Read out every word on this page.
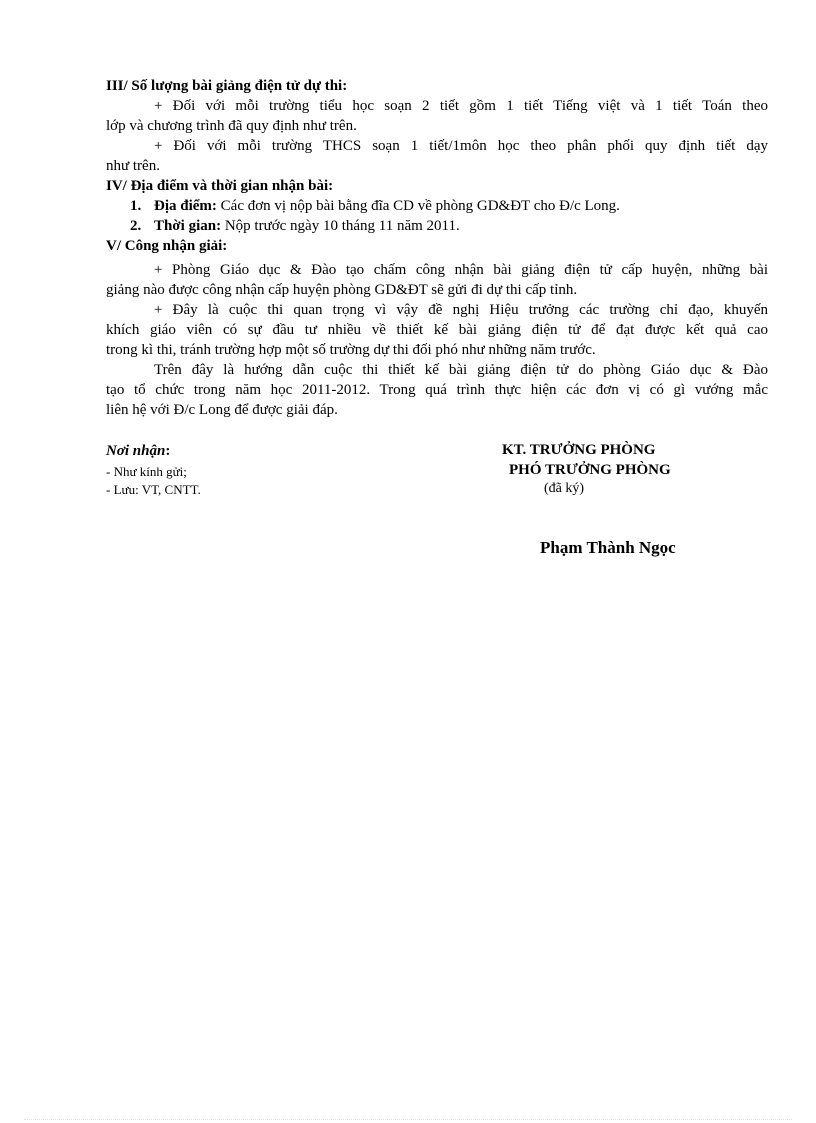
III/ Số lượng bài giảng điện tử dự thi:
+ Đối với mỗi trường tiểu học soạn 2 tiết gồm 1 tiết Tiếng việt và 1 tiết Toán theo
lớp và chương trình đã quy định như trên.
+ Đối với mỗi trường THCS soạn 1 tiết/1môn học theo phân phối quy định tiết dạy
như trên.
IV/ Địa điểm và thời gian nhận bài:
1. Địa điểm: Các đơn vị nộp bài bằng đĩa CD về phòng GD&ĐT cho Đ/c Long.
2. Thời gian: Nộp trước ngày 10 tháng 11 năm 2011.
V/ Công nhận giải:
+ Phòng Giáo dục & Đào tạo chấm công nhận bài giảng điện tử cấp huyện, những bài
giảng nào được công nhận cấp huyện phòng GD&ĐT sẽ gửi đi dự thi cấp tỉnh.
+ Đây là cuộc thi quan trọng vì vậy đề nghị Hiệu trưởng các trường chỉ đạo, khuyến
khích giáo viên có sự đầu tư nhiều về thiết kế bài giảng điện tử để đạt được kết quả cao
trong kì thi, tránh trường hợp một số trường dự thi đối phó như những năm trước.
Trên đây là hướng dẫn cuộc thi thiết kế bài giảng điện tử do phòng Giáo dục & Đào
tạo tổ chức trong năm học 2011-2012. Trong quá trình thực hiện các đơn vị có gì vướng mắc
liên hệ với Đ/c Long để được giải đáp.
Nơi nhận:
- Như kính gửi;
- Lưu: VT, CNTT.
KT. TRƯỞNG PHÒNG
PHÓ TRƯỞNG PHÒNG
(đã ký)
Phạm Thành Ngọc
